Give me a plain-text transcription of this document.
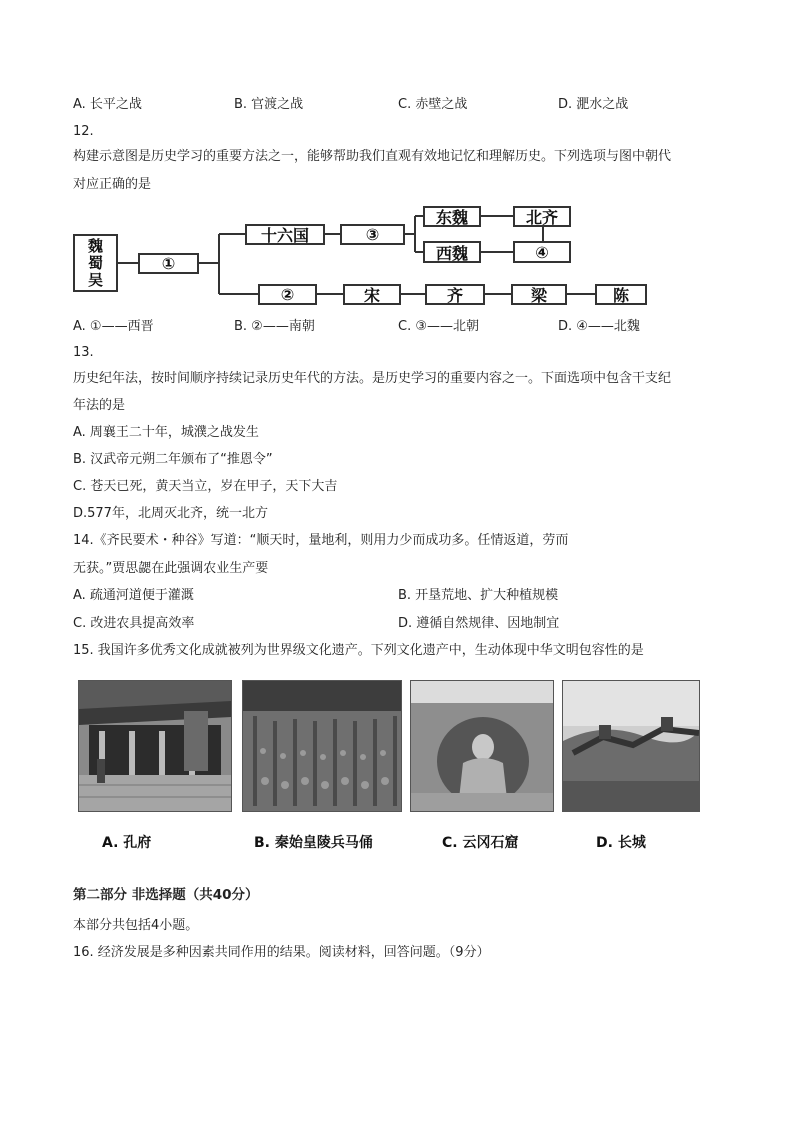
A. 长平之战	B. 官渡之战	C. 赤壁之战	D. 淝水之战
12.
构建示意图是历史学习的重要方法之一，能够帮助我们直观有效地记忆和理解历史。下列选项与图中朝代
对应正确的是
魏
蜀
吴
①
十六国	③
东魏	北齐
西魏	④
②	宋	齐	梁	陈
A. ①——西晋	B. ②——南朝	C. ③——北朝	D. ④——北魏
13.
历史纪年法，按时间顺序持续记录历史年代的方法。是历史学习的重要内容之一。下面选项中包含干支纪
年法的是
A. 周襄王二十年，城濮之战发生
B. 汉武帝元朔二年颁布了“推恩令”
C. 苍天已死，黄天当立，岁在甲子，天下大吉
D.577年，北周灭北齐，统一北方
14.《齐民要术・种谷》写道：“顺天时，量地利，则用力少而成功多。任情返道，劳而
无获。”贾思勰在此强调农业生产要
A. 疏通河道便于灌溉	B. 开垦荒地、扩大种植规模
C. 改进农具提高效率	D. 遵循自然规律、因地制宜
15. 我国许多优秀文化成就被列为世界级文化遗产。下列文化遗产中，生动体现中华文明包容性的是
A. 孔府	B. 秦始皇陵兵马俑	C. 云冈石窟	D. 长城
第二部分 非选择题（共40分）
本部分共包括4小题。
16. 经济发展是多种因素共同作用的结果。阅读材料，回答问题。（9分）
